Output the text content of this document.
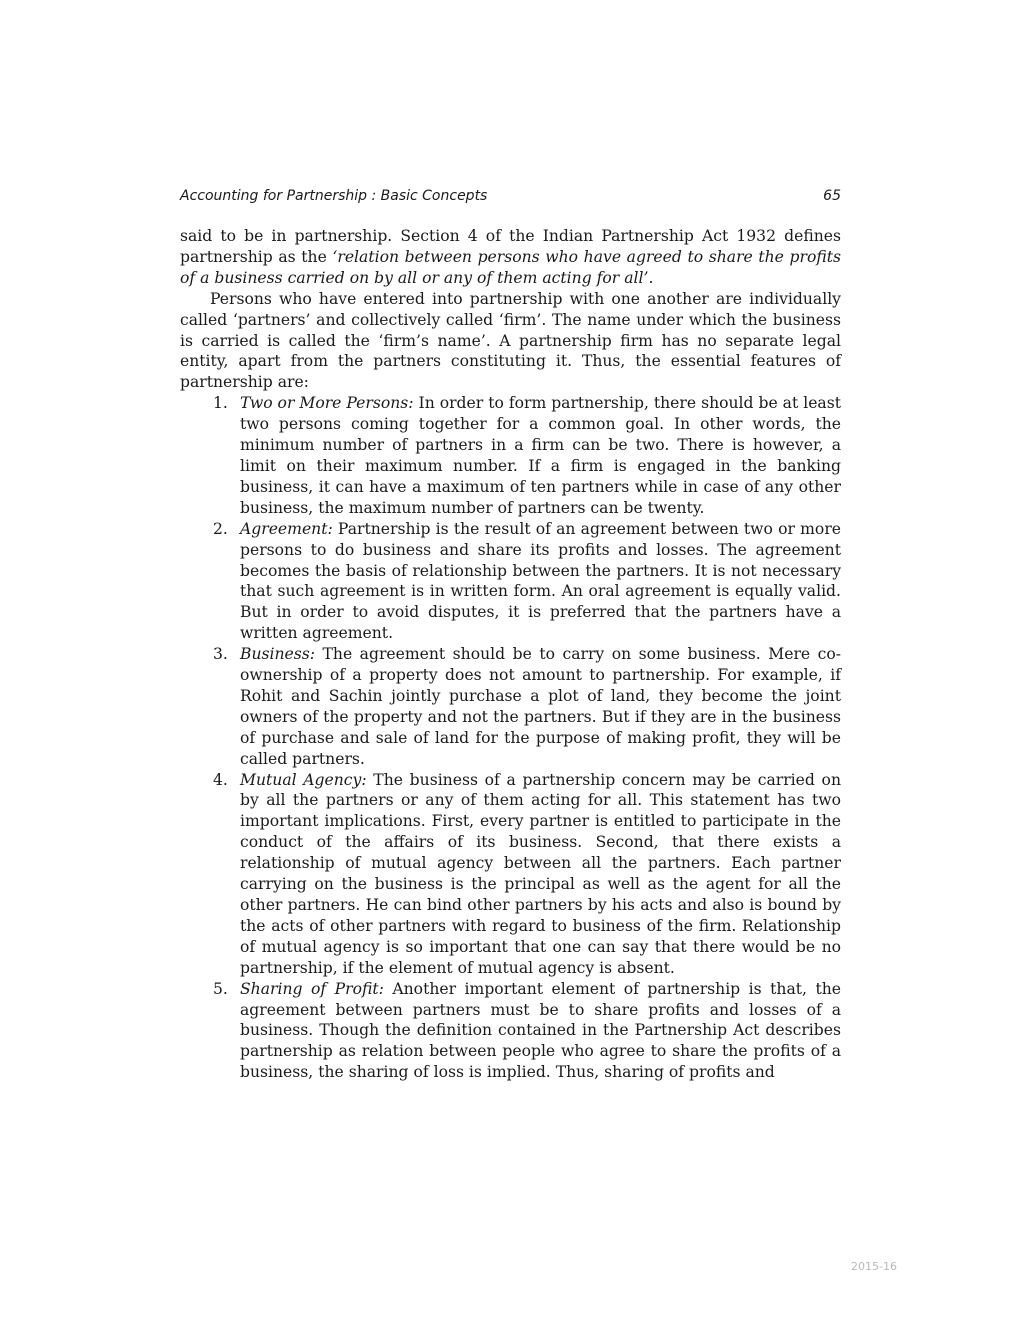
Accounting for Partnership : Basic Concepts	65

said to be in partnership. Section 4 of the Indian Partnership Act 1932 defines partnership as the ‘relation between persons who have agreed to share the profits of a business carried on by all or any of them acting for all’.

Persons who have entered into partnership with one another are individually called ‘partners’ and collectively called ‘firm’. The name under which the business is carried is called the ‘firm’s name’. A partnership firm has no separate legal entity, apart from the partners constituting it. Thus, the essential features of partnership are:

1. Two or More Persons: In order to form partnership, there should be at least two persons coming together for a common goal. In other words, the minimum number of partners in a firm can be two. There is however, a limit on their maximum number. If a firm is engaged in the banking business, it can have a maximum of ten partners while in case of any other business, the maximum number of partners can be twenty.
2. Agreement: Partnership is the result of an agreement between two or more persons to do business and share its profits and losses. The agreement becomes the basis of relationship between the partners. It is not necessary that such agreement is in written form. An oral agreement is equally valid. But in order to avoid disputes, it is preferred that the partners have a written agreement.
3. Business: The agreement should be to carry on some business. Mere co-ownership of a property does not amount to partnership. For example, if Rohit and Sachin jointly purchase a plot of land, they become the joint owners of the property and not the partners. But if they are in the business of purchase and sale of land for the purpose of making profit, they will be called partners.
4. Mutual Agency: The business of a partnership concern may be carried on by all the partners or any of them acting for all. This statement has two important implications. First, every partner is entitled to participate in the conduct of the affairs of its business. Second, that there exists a relationship of mutual agency between all the partners. Each partner carrying on the business is the principal as well as the agent for all the other partners. He can bind other partners by his acts and also is bound by the acts of other partners with regard to business of the firm. Relationship of mutual agency is so important that one can say that there would be no partnership, if the element of mutual agency is absent.
5. Sharing of Profit: Another important element of partnership is that, the agreement between partners must be to share profits and losses of a business. Though the definition contained in the Partnership Act describes partnership as relation between people who agree to share the profits of a business, the sharing of loss is implied. Thus, sharing of profits and
2015-16
